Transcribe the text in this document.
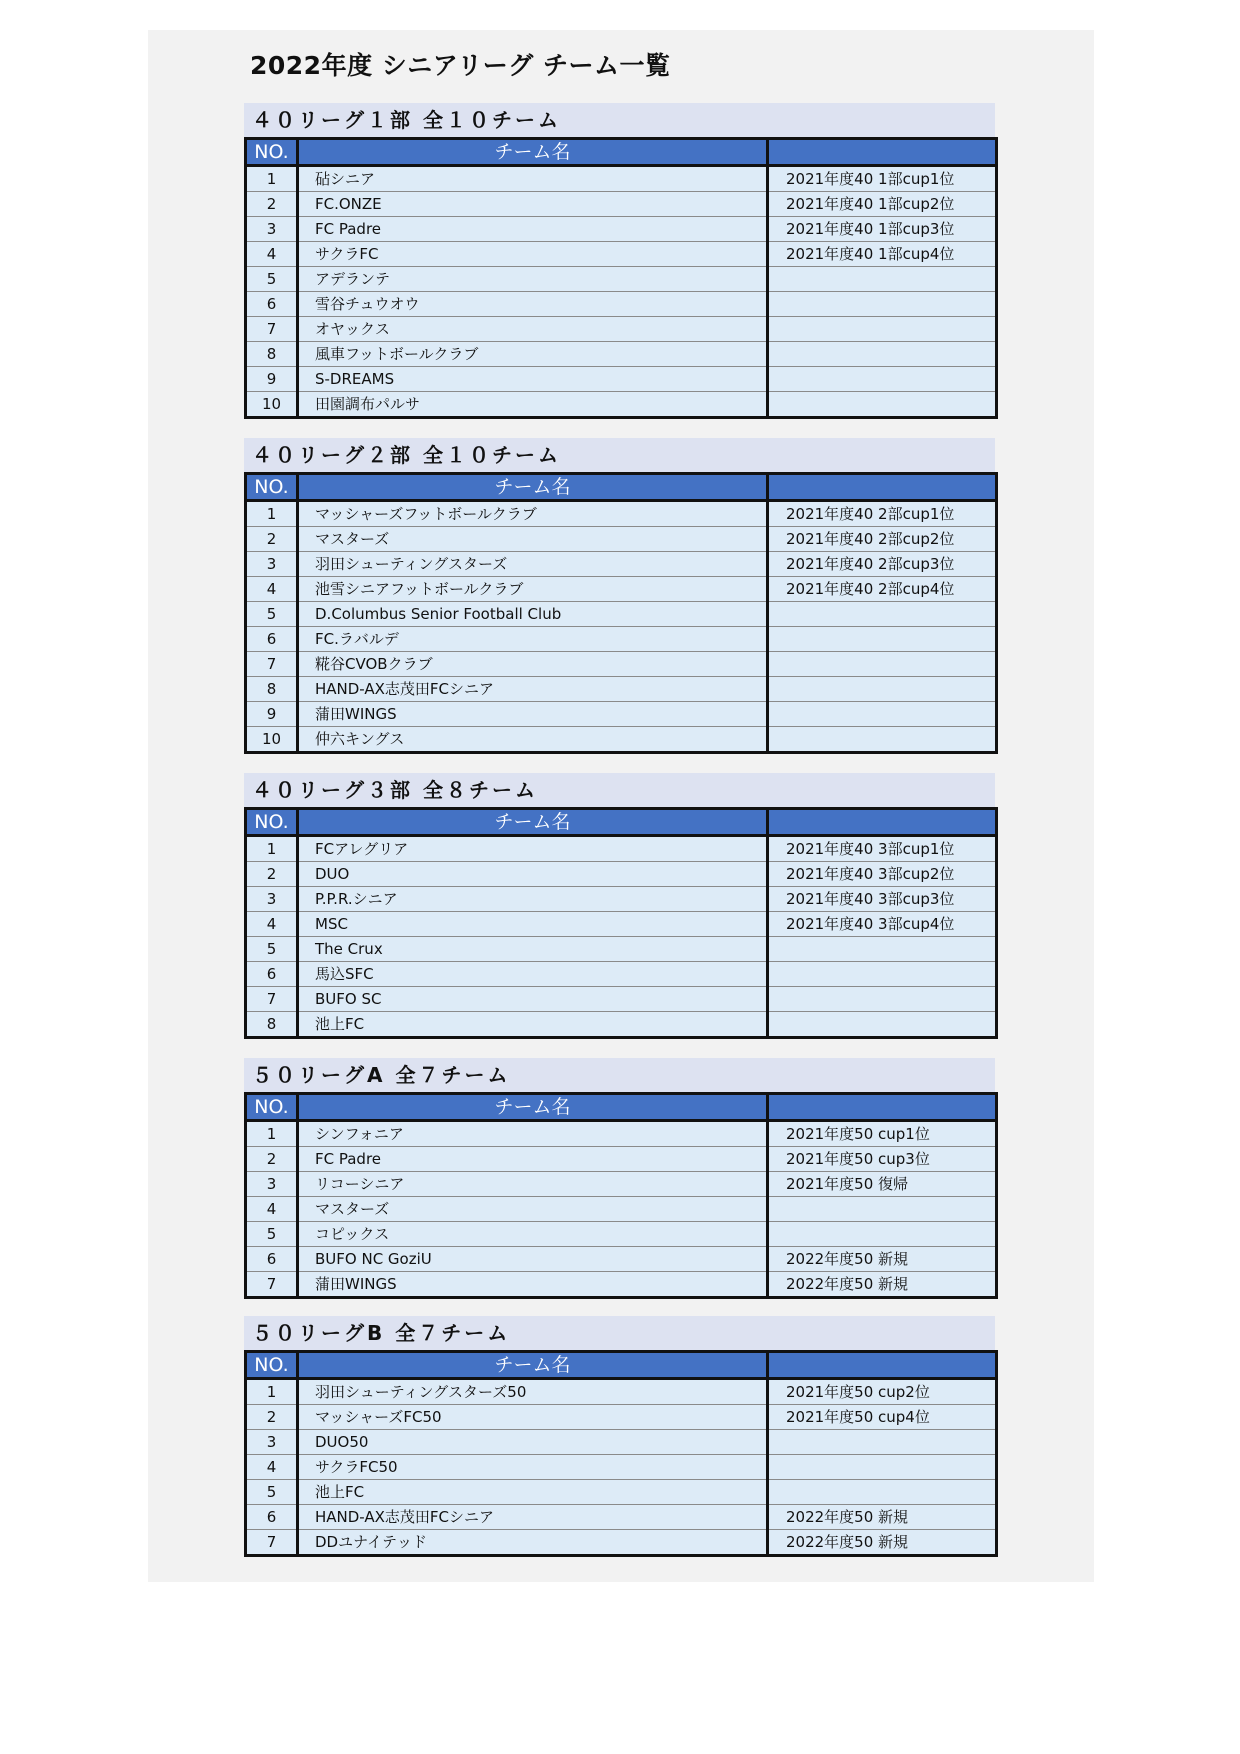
2022年度 シニアリーグ チーム一覧
４０リーグ１部 全１０チーム
NO.	チーム名	
1	砧シニア	2021年度40 1部cup1位
2	FC.ONZE	2021年度40 1部cup2位
3	FC Padre	2021年度40 1部cup3位
4	サクラFC	2021年度40 1部cup4位
5	アデランテ	
6	雪谷チュウオウ	
7	オヤックス	
8	風車フットボールクラブ	
9	S-DREAMS	
10	田園調布パルサ	
４０リーグ２部 全１０チーム
NO.	チーム名	
1	マッシャーズフットボールクラブ	2021年度40 2部cup1位
2	マスターズ	2021年度40 2部cup2位
3	羽田シューティングスターズ	2021年度40 2部cup3位
4	池雪シニアフットボールクラブ	2021年度40 2部cup4位
5	D.Columbus Senior Football Club	
6	FC.ラバルデ	
7	糀谷CVOBクラブ	
8	HAND-AX志茂田FCシニア	
9	蒲田WINGS	
10	仲六キングス	
４０リーグ３部 全８チーム
NO.	チーム名	
1	FCアレグリア	2021年度40 3部cup1位
2	DUO	2021年度40 3部cup2位
3	P.P.R.シニア	2021年度40 3部cup3位
4	MSC	2021年度40 3部cup4位
5	The Crux	
6	馬込SFC	
7	BUFO SC	
8	池上FC	
５０リーグA 全７チーム
NO.	チーム名	
1	シンフォニア	2021年度50 cup1位
2	FC Padre	2021年度50 cup3位
3	リコーシニア	2021年度50 復帰
4	マスターズ	
5	コピックス	
6	BUFO NC GoziU	2022年度50 新規
7	蒲田WINGS	2022年度50 新規
５０リーグB 全７チーム
NO.	チーム名	
1	羽田シューティングスターズ50	2021年度50 cup2位
2	マッシャーズFC50	2021年度50 cup4位
3	DUO50	
4	サクラFC50	
5	池上FC	
6	HAND-AX志茂田FCシニア	2022年度50 新規
7	DDユナイテッド	2022年度50 新規
